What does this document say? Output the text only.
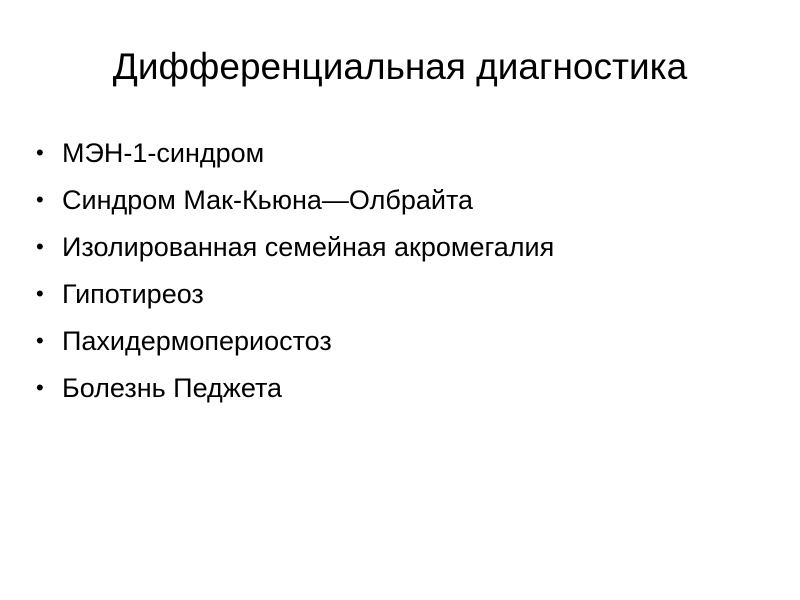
Дифференциальная диагностика
• МЭН-1-синдром
• Синдром Мак-Кьюна—Олбрайта
• Изолированная семейная акромегалия
• Гипотиреоз
• Пахидермопериостоз
• Болезнь Педжета
